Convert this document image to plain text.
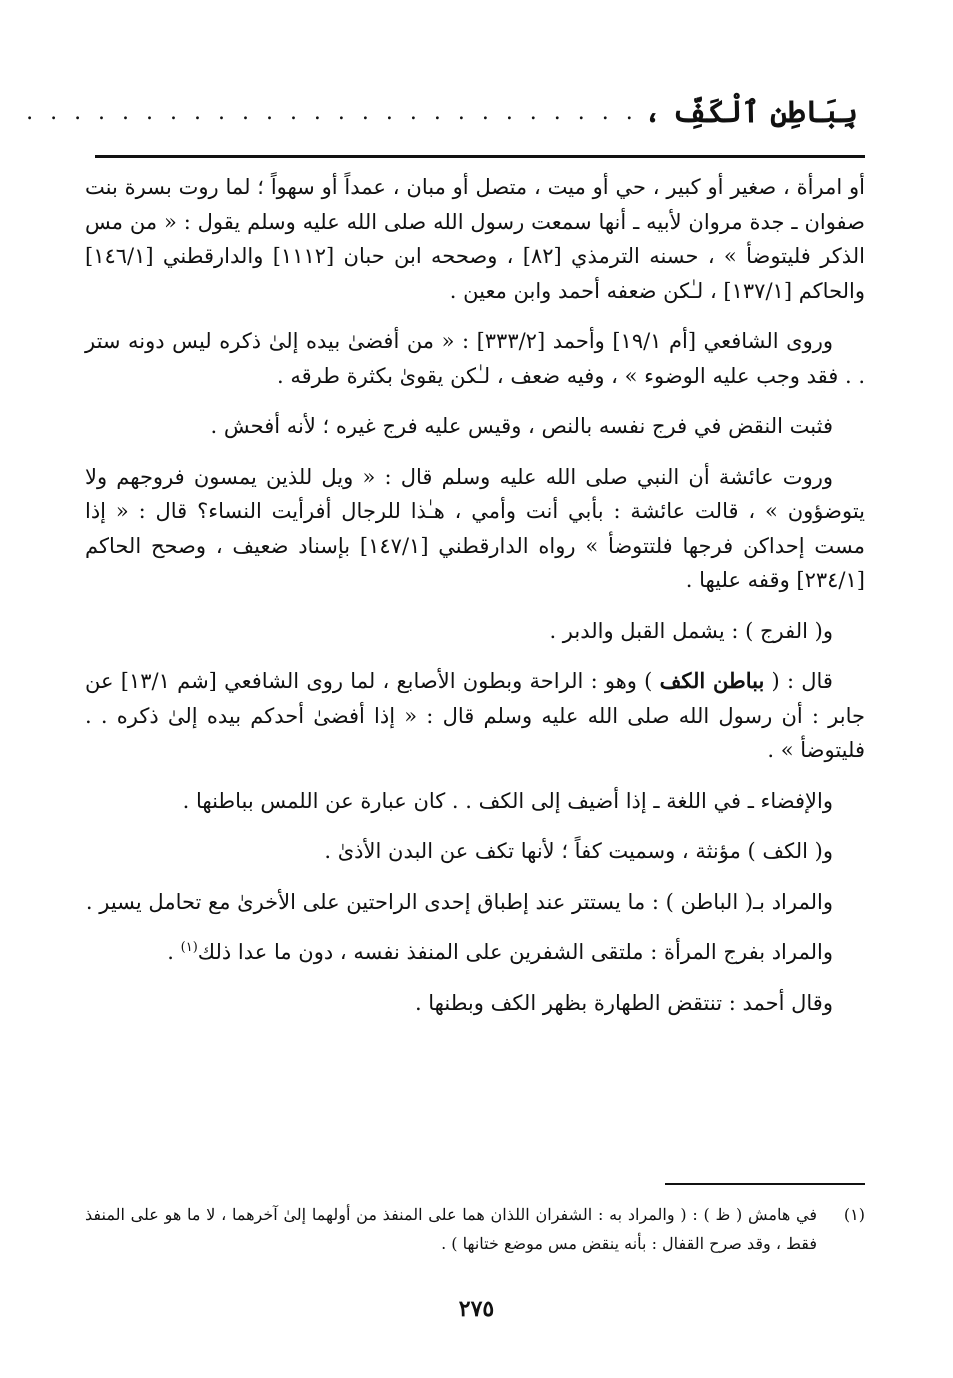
بِبَاطِنِ ٱلْكَفِّ ،
. . . . . . . . . . . . . . . . . . . . . . . . . .

أو امرأة ، صغير أو كبير ، حي أو ميت ، متصل أو مبان ، عمداً أو سهواً ؛ لما روت بسرة بنت صفوان ـ جدة مروان لأبيه ـ أنها سمعت رسول الله صلى الله عليه وسلم يقول : « من مس الذكر فليتوضأ » ، حسنه الترمذي [٨٢] ، وصححه ابن حبان [١١١٢] والدارقطني [١٤٦/١] والحاكم [١٣٧/١] ، لـٰكن ضعفه أحمد وابن معين .

وروى الشافعي [أم ١٩/١] وأحمد [٣٣٣/٢] : « من أفضىٰ بيده إلىٰ ذكره ليس دونه ستر . . فقد وجب عليه الوضوء » ، وفيه ضعف ، لـٰكن يقوىٰ بكثرة طرقه .

فثبت النقض في فرج نفسه بالنص ، وقيس عليه فرج غيره ؛ لأنه أفحش .

وروت عائشة أن النبي صلى الله عليه وسلم قال : « ويل للذين يمسون فروجهم ولا يتوضؤون » ، قالت عائشة : بأبي أنت وأمي ، هـٰذا للرجال أفرأيت النساء؟ قال : « إذا مست إحداكن فرجها فلتتوضأ » رواه الدارقطني [١٤٧/١] بإسناد ضعيف ، وصحح الحاكم [٢٣٤/١] وقفه عليها .

و( الفرج ) : يشمل القبل والدبر .

قال : ( بباطن الكف ) وهو : الراحة وبطون الأصابع ، لما روى الشافعي [شم ١٣/١] عن جابر : أن رسول الله صلى الله عليه وسلم قال : « إذا أفضىٰ أحدكم بيده إلىٰ ذكره . . فليتوضأ » .

والإفضاء ـ في اللغة ـ إذا أضيف إلى الكف . . كان عبارة عن اللمس بباطنها .

و( الكف ) مؤنثة ، وسميت كفاً ؛ لأنها تكف عن البدن الأذىٰ .

والمراد بـ( الباطن ) : ما يستتر عند إطباق إحدى الراحتين على الأخرىٰ مع تحامل يسير .

والمراد بفرج المرأة : ملتقى الشفرين على المنفذ نفسه ، دون ما عدا ذلك$^{(١)}$ .

وقال أحمد : تنتقض الطهارة بظهر الكف وبطنها .

(١)
في هامش ( ظ ) : ( والمراد به : الشفران اللذان هما على المنفذ من أولهما إلىٰ آخرهما ، لا ما هو على المنفذ فقط ، وقد صرح القفال : بأنه ينقض مس موضع ختانها ) .
٢٧٥
